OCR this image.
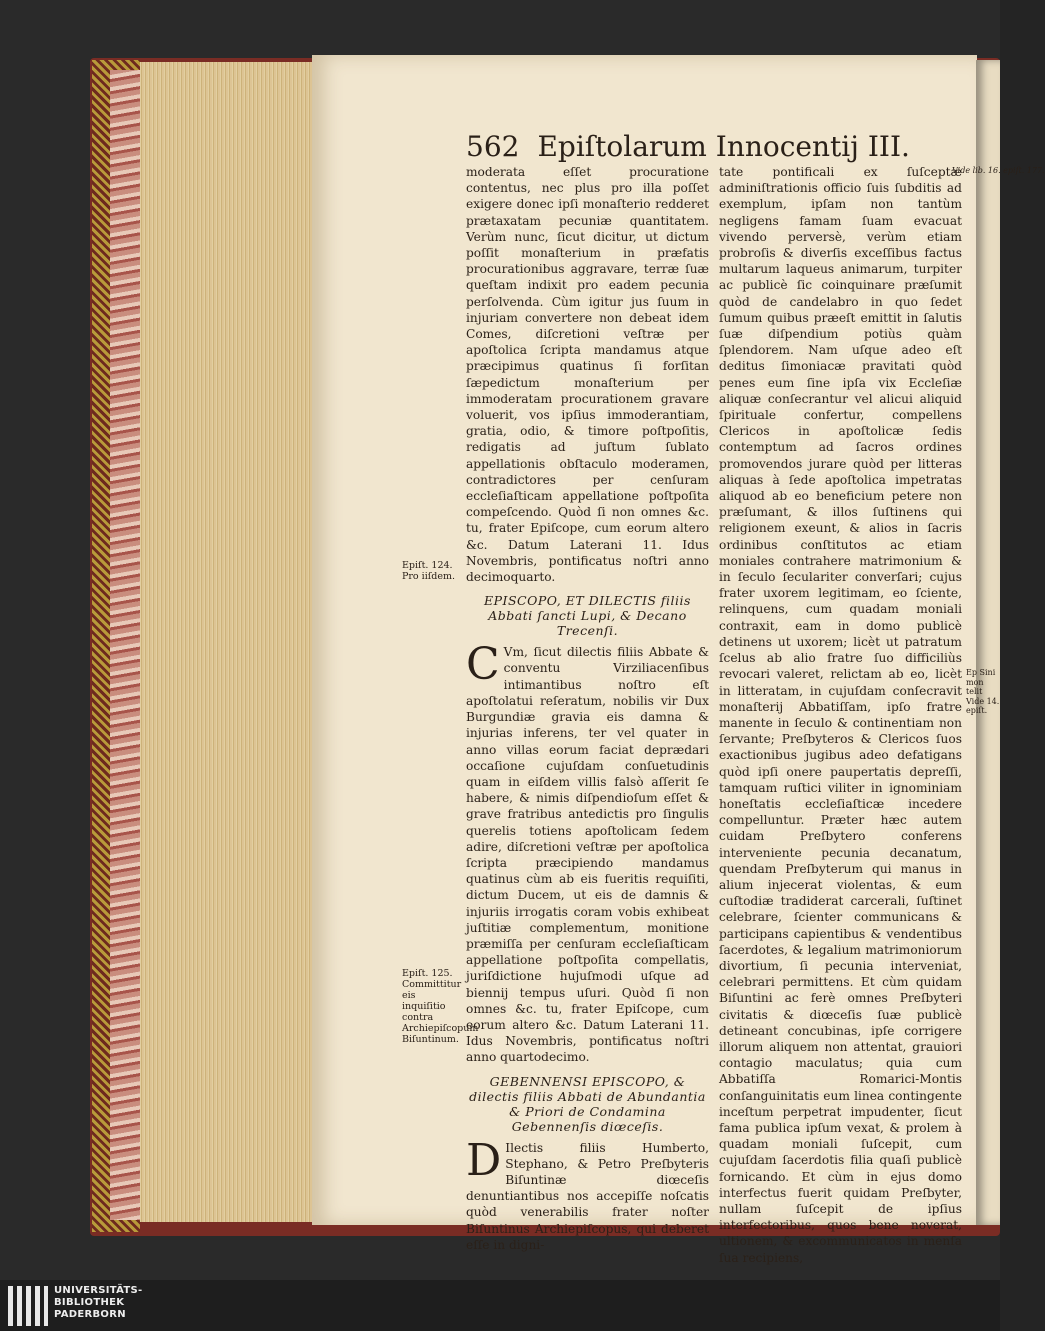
562 Epiſtolarum Innocentij III.
Vide lib. 16. epiſt. 177.

moderata eſſet procuratione contentus, nec plus pro illa poſſet exigere donec ipſi monaſterio redderet prætaxatam pecuniæ quantitatem. Verùm nunc, ſicut dicitur, ut dictum poſſit monaſterium in præfatis procurationibus aggravare, terræ ſuæ queſtam indixit pro eadem pecunia perſolvenda. Cùm igitur jus ſuum in injuriam convertere non debeat idem Comes, diſcretioni veſtræ per apoſtolica ſcripta mandamus atque præcipimus quatinus ſi forſitan ſæpedictum monaſterium per immoderatam procurationem gravare voluerit, vos ipſius immoderantiam, gratia, odio, & timore poſtpoſitis, redigatis ad juſtum ſublato appellationis obſtaculo moderamen, contradictores per cenſuram eccleſiaſticam appellatione poſtpoſita compeſcendo. Quòd ſi non omnes &c. tu, frater Epiſcope, cum eorum altero &c. Datum Laterani 11. Idus Novembris, pontificatus noſtri anno decimoquarto.

EPISCOPO, ET DILECTIS filiis Abbati ſancti Lupi, & Decano Trecenſi.

C Vm, ſicut dilectis filiis Abbate & conventu Virziliacenſibus intimantibus noſtro eſt apoſtolatui reſeratum, nobilis vir Dux Burgundiæ gravia eis damna & injurias inferens, ter vel quater in anno villas eorum faciat deprædari occaſione cujuſdam conſuetudinis quam in eiſdem villis falsò aſſerit ſe habere, & nimis diſpendioſum eſſet & grave fratribus antedictis pro ſingulis querelis totiens apoſtolicam ſedem adire, diſcretioni veſtræ per apoſtolica ſcripta præcipiendo mandamus quatinus cùm ab eis fueritis requiſiti, dictum Ducem, ut eis de damnis & injuriis irrogatis coram vobis exhibeat juſtitiæ complementum, monitione præmiſſa per cenſuram eccleſiaſticam appellatione poſtpoſita compellatis, juriſdictione hujuſmodi uſque ad biennij tempus uſuri. Quòd ſi non omnes &c. tu, frater Epiſcope, cum eorum altero &c. Datum Laterani 11. Idus Novembris, pontificatus noſtri anno quartodecimo.

GEBENNENSI EPISCOPO, & dilectis filiis Abbati de Abundantia & Priori de Condamina Gebennenſis diœceſis.

D Ilectis filiis Humberto, Stephano, & Petro Preſbyteris Biſuntinæ diœceſis denuntiantibus nos accepiſſe noſcatis quòd venerabilis frater noſter Biſuntinus Archiepiſcopus, qui deberet eſſe in digni-

tate pontificali ex ſuſceptæ adminiſtrationis officio ſuis ſubditis ad exemplum, ipſam non tantùm negligens famam ſuam evacuat vivendo perversè, verùm etiam probroſis & diverſis exceſſibus factus multarum laqueus animarum, turpiter ac publicè ſic coinquinare præſumit quòd de candelabro in quo ſedet ſumum quibus præeſt emittit in ſalutis ſuæ diſpendium potiùs quàm ſplendorem. Nam uſque adeo eſt deditus ſimoniacæ pravitati quòd penes eum ſine ipſa vix Eccleſiæ aliquæ conſecrantur vel alicui aliquid ſpirituale confertur, compellens Clericos in apoſtolicæ ſedis contemptum ad ſacros ordines promovendos jurare quòd per litteras aliquas à ſede apoſtolica impetratas aliquod ab eo beneficium petere non præſumant, & illos ſuſtinens qui religionem exeunt, & alios in ſacris ordinibus conſtitutos ac etiam moniales contrahere matrimonium & in ſeculo ſeculariter converſari; cujus frater uxorem legitimam, eo ſciente, relinquens, cum quadam moniali contraxit, eam in domo publicè detinens ut uxorem; licèt ut patratum ſcelus ab alio fratre ſuo difficiliùs revocari valeret, relictam ab eo, licèt in litteratam, in cujuſdam conſecravit monaſterij Abbatiſſam, ipſo fratre manente in ſeculo & continentiam non ſervante; Preſbyteros & Clericos ſuos exactionibus jugibus adeo defatigans quòd ipſi onere paupertatis depreſſi, tamquam ruſtici viliter in ignominiam honeſtatis eccleſiaſticæ incedere compelluntur. Præter hæc autem cuidam Preſbytero conferens intervenientе pecunia decanatum, quendam Preſbyterum qui manus in alium injecerat violentas, & eum cuſtodiæ tradiderat carcerali, ſuſtinet celebrare, ſcienter communicans & participans capientibus & vendentibus ſacerdotes, & legalium matrimoniorum divortium, ſi pecunia interveniat, celebrari permittens. Et cùm quidam Biſuntini ac ferè omnes Preſbyteri civitatis & diœceſis ſuæ publicè detineant concubinas, ipſe corrigere illorum aliquem non attentat, grauiori contagio maculatus; quia cum Abbatiſſa Romarici-Montis conſanguinitatis eum linea contingente inceſtum perpetrat impudenter, ſicut fama publica ipſum vexat, & prolem à quadam moniali ſuſcepit, cum cujuſdam ſacerdotis filia quaſi publicè fornicando. Et cùm in ejus domo interfectus fuerit quidam Preſbyter, nullam ſuſcepit de ipſius interfectoribus, quos bene noverat, ultionem, & excommunicatos in menſa ſua recipiens,

Epiſt. 124. Pro iiſdem.
Epiſt. 125. Committitur eis inquiſitio contra Archiepiſcopum Biſuntinum.
Ep Sini mon telit Vide 14. epiſt.
UNIVERSITÄTS-
BIBLIOTHEK
PADERBORN
